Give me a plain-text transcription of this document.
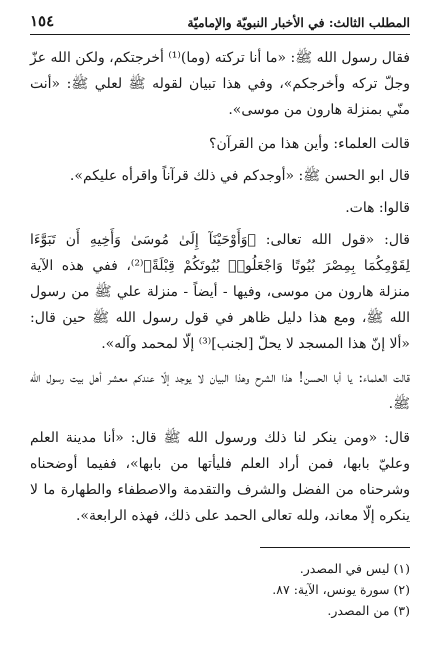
المطلب الثالث: في الأخبار النبويّة والإماميّة
١٥٤

فقال رسول الله ﷺ: «ما أنا تركته (وما)⁽¹⁾ أخرجتكم، ولكن الله عزّ وجلّ تركه وأخرجكم»، وفي هذا تبيان لقوله ﷺ لعلي ﷺ: «أنت منّي بمنزلة هارون من موسى».

قالت العلماء: وأين هذا من القرآن؟

قال ابو الحسن ﷺ: «أوجدكم في ذلك قرآناً واقرأه عليكم».

قالوا: هات.

قال: «قول الله تعالى: ﴿وَأَوْحَيْنَآ إِلَىٰ مُوسَىٰ وَأَخِيهِ أَن تَبَوَّءَا لِقَوْمِكُمَا بِمِصْرَ بُيُوتًا وَاجْعَلُوا۟ بُيُوتَكُمْ قِبْلَةً﴾⁽²⁾، ففي هذه الآية منزلة هارون من موسى، وفيها - أيضاً - منزلة علي ﷺ من رسول الله ﷺ، ومع هذا دليل ظاهر في قول رسول الله ﷺ حين قال: «ألا إنّ هذا المسجد لا يحلّ [لجنب]⁽³⁾ إلّا لمحمد وآله».

قالت العلماء: يا أبا الحسن! هذا الشرح وهذا البيان لا يوجد إلّا عندكم معشر أهل بيت رسول الله ﷺ.

قال: «ومن ينكر لنا ذلك ورسول الله ﷺ قال: «أنا مدينة العلم وعليّ بابها، فمن أراد العلم فليأتها من بابها»، ففيما أوضحناه وشرحناه من الفضل والشرف والتقدمة والاصطفاء والطهارة ما لا ينكره إلّا معاند، ولله تعالى الحمد على ذلك، فهذه الرابعة».

(١) ليس في المصدر.

(٢) سورة يونس، الآية: ٨٧.

(٣) من المصدر.
